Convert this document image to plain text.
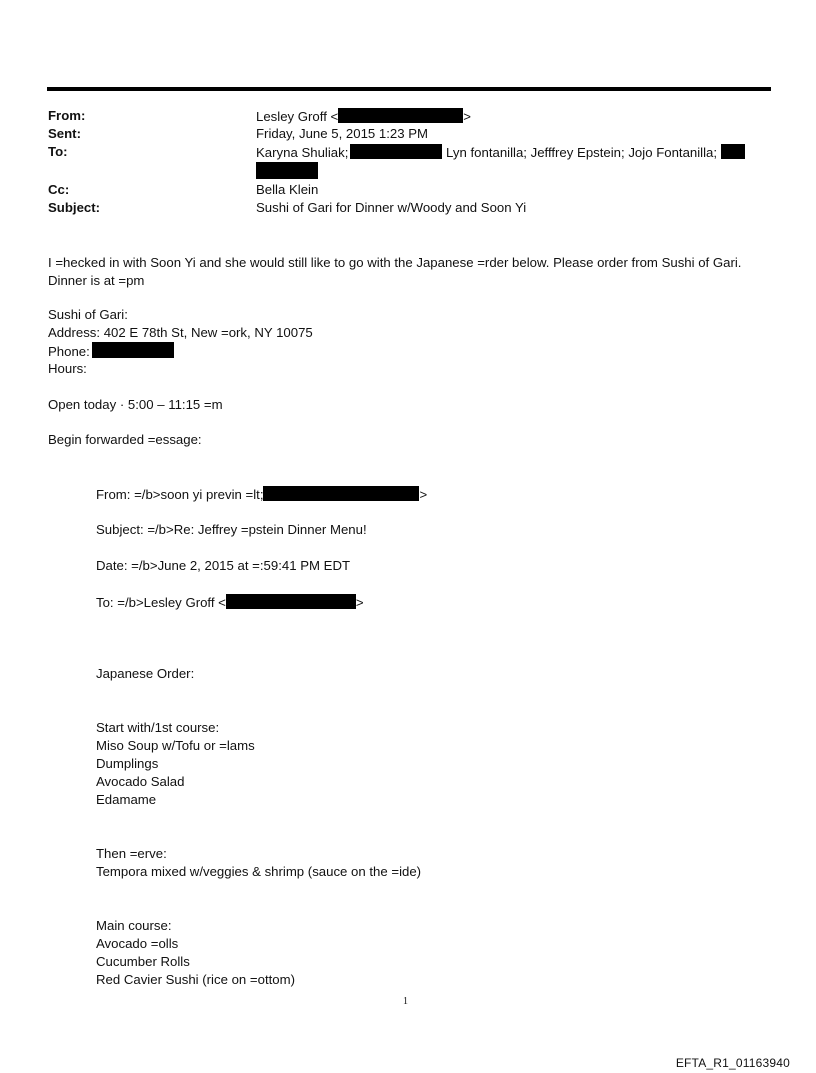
From:	Lesley Groff <	>
Sent:	Friday, June 5, 2015 1:23 PM
To:	Karyna Shuliak;	Lyn fontanilla; Jefffrey Epstein; Jojo Fontanilla;
Cc:	Bella Klein
Subject:	Sushi of Gari for Dinner w/Woody and Soon Yi
I =hecked in with Soon Yi and she would still like to go with the Japanese =rder below. Please order from Sushi of Gari.
Dinner is at =pm
Sushi of Gari:
Address: 402 E 78th St, New =ork, NY 10075
Phone:
Hours:
Open today · 5:00 – 11:15 =m
Begin forwarded =essage:
From: =/b>soon yi previn =lt;	>
Subject: =/b>Re: Jeffrey =pstein Dinner Menu!
Date: =/b>June 2, 2015 at =:59:41 PM EDT
To: =/b>Lesley Groff <	>
Japanese Order:
Start with/1st course:
Miso Soup w/Tofu or =lams
Dumplings
Avocado Salad
Edamame
Then =erve:
Tempora mixed w/veggies & shrimp (sauce on the =ide)
Main course:
Avocado =olls
Cucumber Rolls
Red Cavier Sushi (rice on =ottom)
1
EFTA_R1_01163940
